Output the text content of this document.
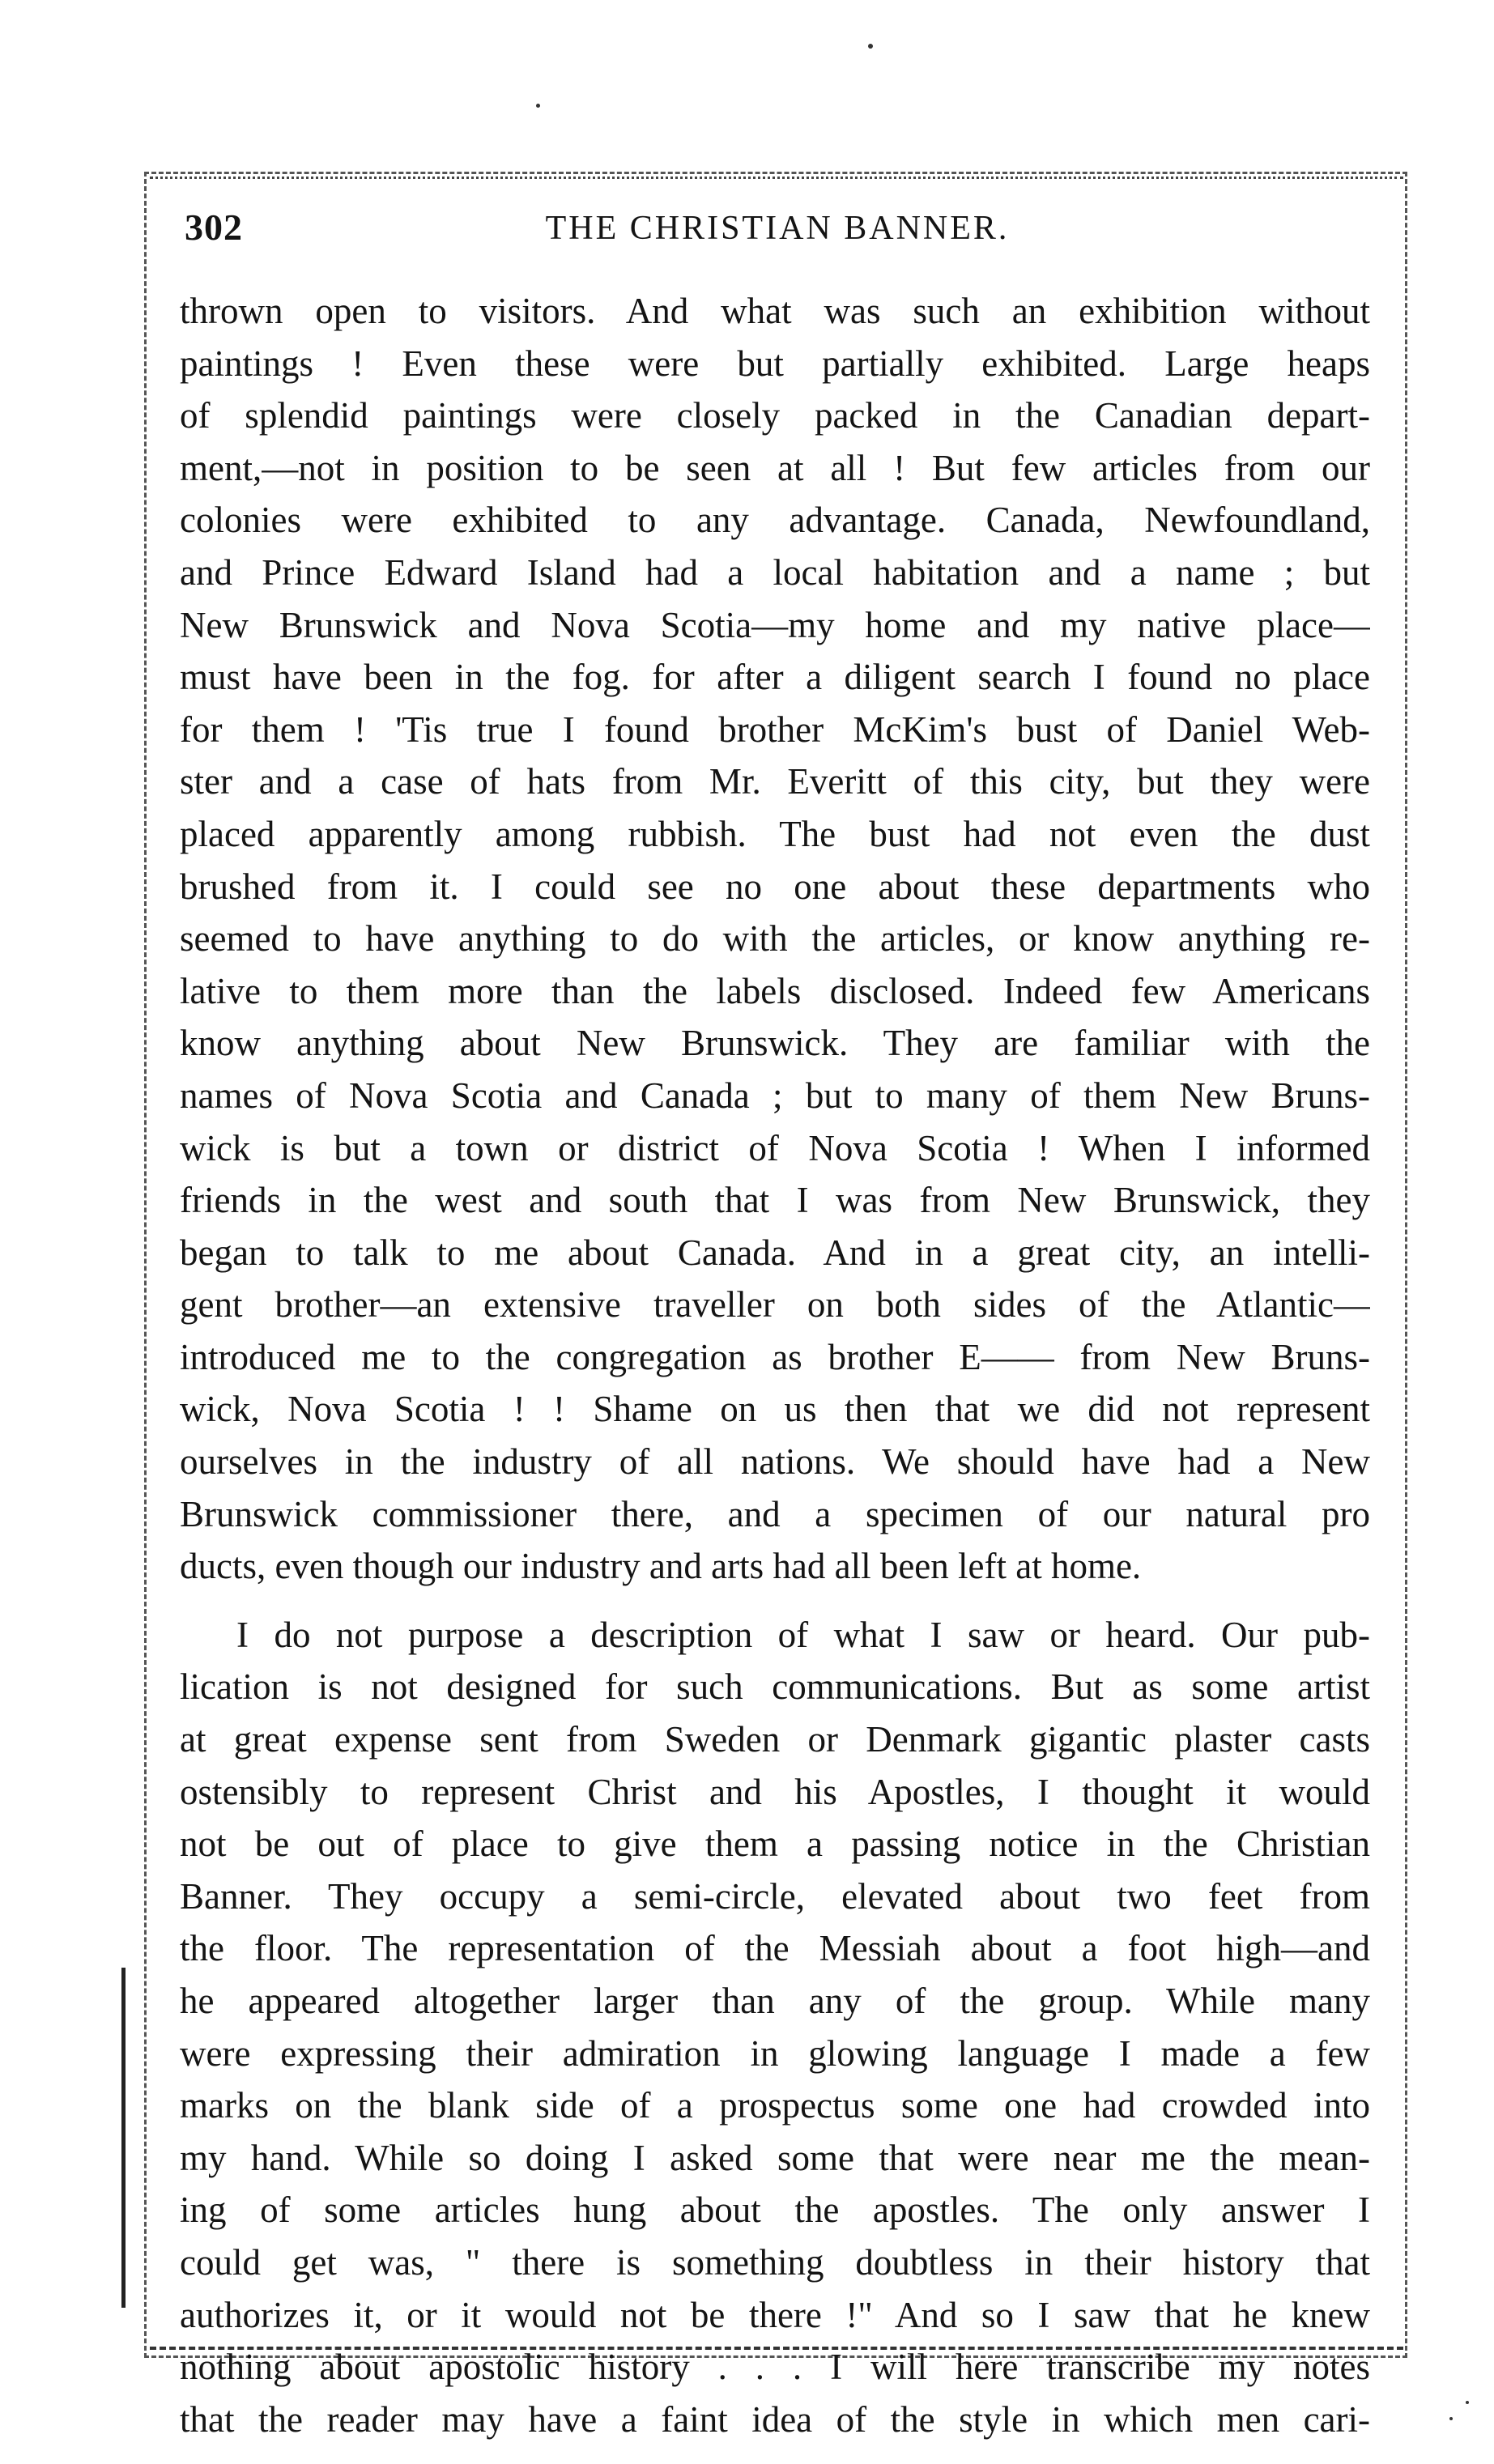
302	THE CHRISTIAN BANNER.
thrown open to visitors. And what was such an exhibition without
paintings ! Even these were but partially exhibited. Large heaps
of splendid paintings were closely packed in the Canadian depart-
ment,—not in position to be seen at all ! But few articles from our
colonies were exhibited to any advantage. Canada, Newfoundland,
and Prince Edward Island had a local habitation and a name ; but
New Brunswick and Nova Scotia—my home and my native place—
must have been in the fog. for after a diligent search I found no place
for them ! 'Tis true I found brother McKim's bust of Daniel Web-
ster and a case of hats from Mr. Everitt of this city, but they were
placed apparently among rubbish. The bust had not even the dust
brushed from it. I could see no one about these departments who
seemed to have anything to do with the articles, or know anything re-
lative to them more than the labels disclosed. Indeed few Americans
know anything about New Brunswick. They are familiar with the
names of Nova Scotia and Canada ; but to many of them New Bruns-
wick is but a town or district of Nova Scotia ! When I informed
friends in the west and south that I was from New Brunswick, they
began to talk to me about Canada. And in a great city, an intelli-
gent brother—an extensive traveller on both sides of the Atlantic—
introduced me to the congregation as brother E—— from New Bruns-
wick, Nova Scotia ! ! Shame on us then that we did not represent
ourselves in the industry of all nations. We should have had a New
Brunswick commissioner there, and a specimen of our natural pro
ducts, even though our industry and arts had all been left at home.
I do not purpose a description of what I saw or heard. Our pub-
lication is not designed for such communications. But as some artist
at great expense sent from Sweden or Denmark gigantic plaster casts
ostensibly to represent Christ and his Apostles, I thought it would
not be out of place to give them a passing notice in the Christian
Banner. They occupy a semi-circle, elevated about two feet from
the floor. The representation of the Messiah about a foot high—and
he appeared altogether larger than any of the group. While many
were expressing their admiration in glowing language I made a few
marks on the blank side of a prospectus some one had crowded into
my hand. While so doing I asked some that were near me the mean-
ing of some articles hung about the apostles. The only answer I
could get was, " there is something doubtless in their history that
authorizes it, or it would not be there !" And so I saw that he knew
nothing about apostolic history . . . I will here transcribe my notes
that the reader may have a faint idea of the style in which men cari-
